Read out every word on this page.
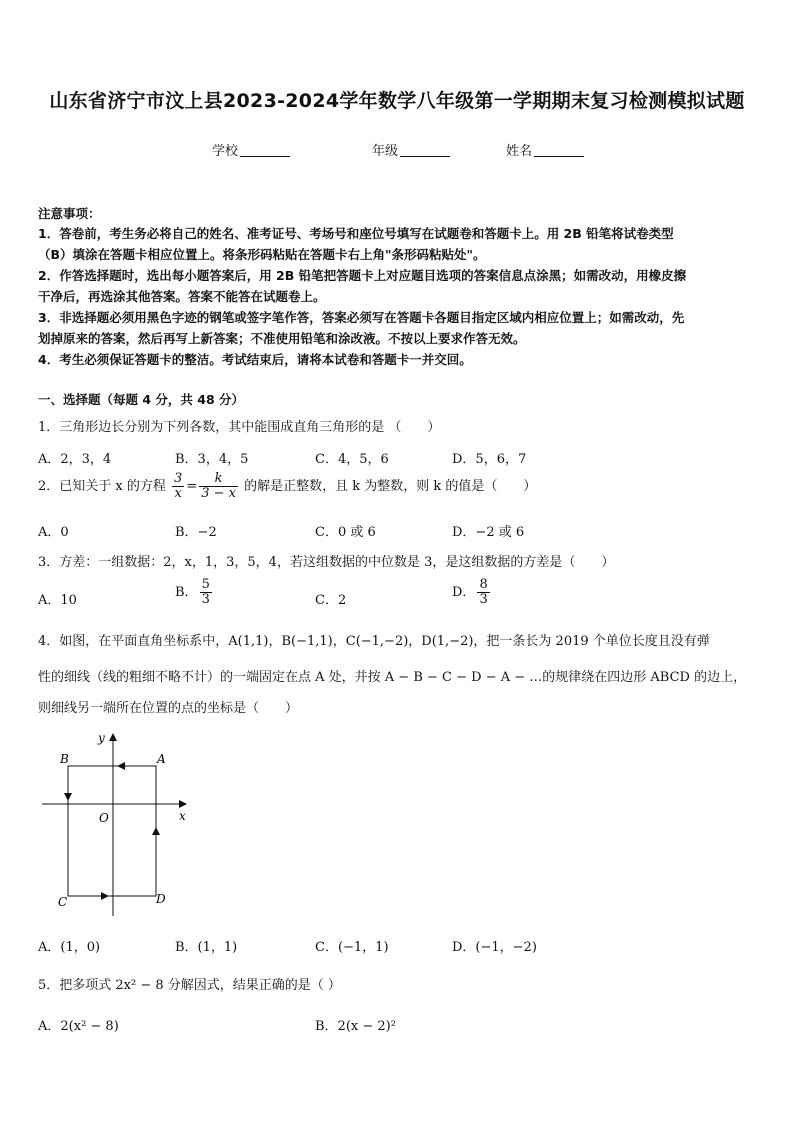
山东省济宁市汶上县2023-2024学年数学八年级第一学期期末复习检测模拟试题
学校	年级	姓名
注意事项：
1．答卷前，考生务必将自己的姓名、准考证号、考场号和座位号填写在试题卷和答题卡上。用 2B 铅笔将试卷类型
（B）填涂在答题卡相应位置上。将条形码粘贴在答题卡右上角"条形码粘贴处"。
2．作答选择题时，选出每小题答案后，用 2B 铅笔把答题卡上对应题目选项的答案信息点涂黑；如需改动，用橡皮擦
干净后，再选涂其他答案。答案不能答在试题卷上。
3．非选择题必须用黑色字迹的钢笔或签字笔作答，答案必须写在答题卡各题目指定区域内相应位置上；如需改动，先
划掉原来的答案，然后再写上新答案；不准使用铅笔和涂改液。不按以上要求作答无效。
4．考生必须保证答题卡的整洁。考试结束后，请将本试卷和答题卡一并交回。
一、选择题（每题 4 分，共 48 分）
1．三角形边长分别为下列各数，其中能围成直角三角形的是 （　　）
A．2，3，4	B．3，4，5	C．4，5，6	D．5，6，7
2．已知关于 x 的方程 $\frac{3}{x} = \frac{k}{3 - x}$ 的解是正整数，且 k 为整数，则 k 的值是（　　）
A．0	B．−2	C．0 或 6	D．−2 或 6
3．方差：一组数据：2，x，1，3，5，4，若这组数据的中位数是 3，是这组数据的方差是（　　）
A．10
B． $\frac{5}{3}$	C．2
D． $\frac{8}{3}$
4．如图，在平面直角坐标系中，A(1,1)，B(−1,1)，C(−1,−2)，D(1,−2)，把一条长为 2019 个单位长度且没有弹
性的细线（线的粗细不略不计）的一端固定在点 A 处，并按 A − B − C − D − A − …的规律绕在四边形 ABCD 的边上，
则细线另一端所在位置的点的坐标是（　　）
A
B
C	D
O	x
y
A．(1，0)	B．(1，1)	C．(−1，1)	D．(−1，−2)
5．把多项式 2x² − 8 分解因式，结果正确的是（ ）
A．2(x² − 8)	B．2(x − 2)²
